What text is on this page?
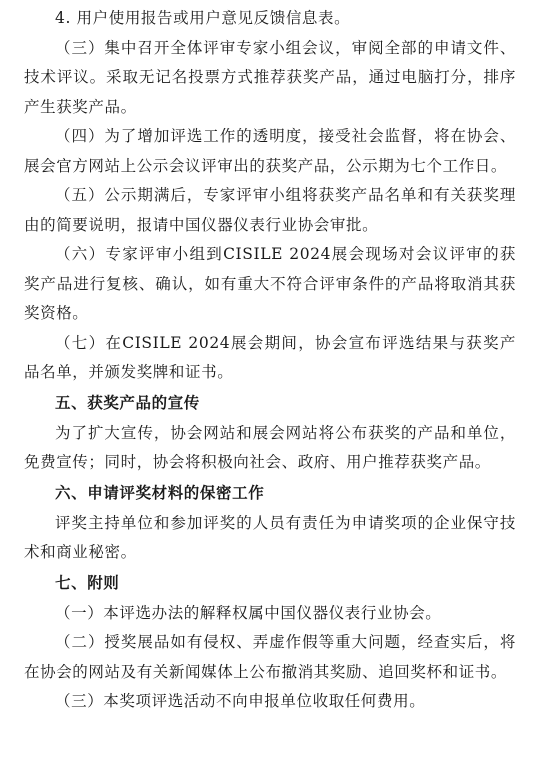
4. 用户使用报告或用户意见反馈信息表。

（三）集中召开全体评审专家小组会议，审阅全部的申请文件、技术评议。采取无记名投票方式推荐获奖产品，通过电脑打分，排序产生获奖产品。

（四）为了增加评选工作的透明度，接受社会监督，将在协会、展会官方网站上公示会议评审出的获奖产品，公示期为七个工作日。

（五）公示期满后，专家评审小组将获奖产品名单和有关获奖理由的简要说明，报请中国仪器仪表行业协会审批。

（六）专家评审小组到CISILE 2024展会现场对会议评审的获奖产品进行复核、确认，如有重大不符合评审条件的产品将取消其获奖资格。

（七）在CISILE 2024展会期间，协会宣布评选结果与获奖产品名单，并颁发奖牌和证书。

五、获奖产品的宣传

为了扩大宣传，协会网站和展会网站将公布获奖的产品和单位，免费宣传；同时，协会将积极向社会、政府、用户推荐获奖产品。

六、申请评奖材料的保密工作

评奖主持单位和参加评奖的人员有责任为申请奖项的企业保守技术和商业秘密。

七、附则

（一）本评选办法的解释权属中国仪器仪表行业协会。

（二）授奖展品如有侵权、弄虚作假等重大问题，经查实后，将在协会的网站及有关新闻媒体上公布撤消其奖励、追回奖杯和证书。

（三）本奖项评选活动不向申报单位收取任何费用。
